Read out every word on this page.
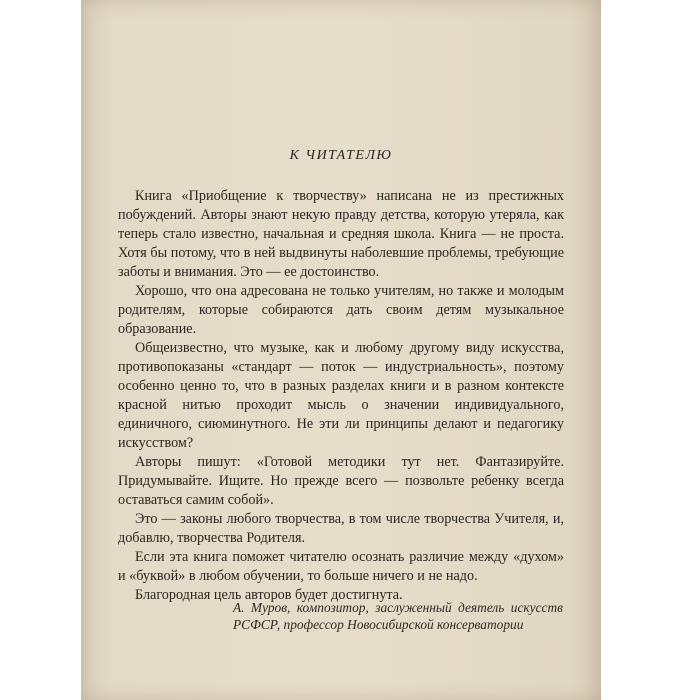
К ЧИТАТЕЛЮ

Книга «Приобщение к творчеству» написана не из престижных побуждений. Авторы знают некую правду детства, которую утеряла, как теперь стало известно, начальная и средняя школа. Книга — не проста. Хотя бы потому, что в ней выдвинуты наболевшие проблемы, требующие заботы и внимания. Это — ее достоинство.

Хорошо, что она адресована не только учителям, но также и молодым родителям, которые собираются дать своим детям музыкальное образование.

Общеизвестно, что музыке, как и любому другому виду искусства, противопоказаны «стандарт — поток — индустриальность», поэтому особенно ценно то, что в разных разделах книги и в разном контексте красной нитью проходит мысль о значении индивидуального, единичного, сиюминутного. Не эти ли принципы делают и педагогику искусством?

Авторы пишут: «Готовой методики тут нет. Фантазируйте. Придумывайте. Ищите. Но прежде всего — позвольте ребенку всегда оставаться самим собой».

Это — законы любого творчества, в том числе творчества Учителя, и, добавлю, творчества Родителя.

Если эта книга поможет читателю осознать различие между «духом» и «буквой» в любом обучении, то больше ничего и не надо.

Благородная цель авторов будет достигнута.

А. Муров, композитор, заслуженный деятель искусств РСФСР, профессор Новосибирской консерватории
